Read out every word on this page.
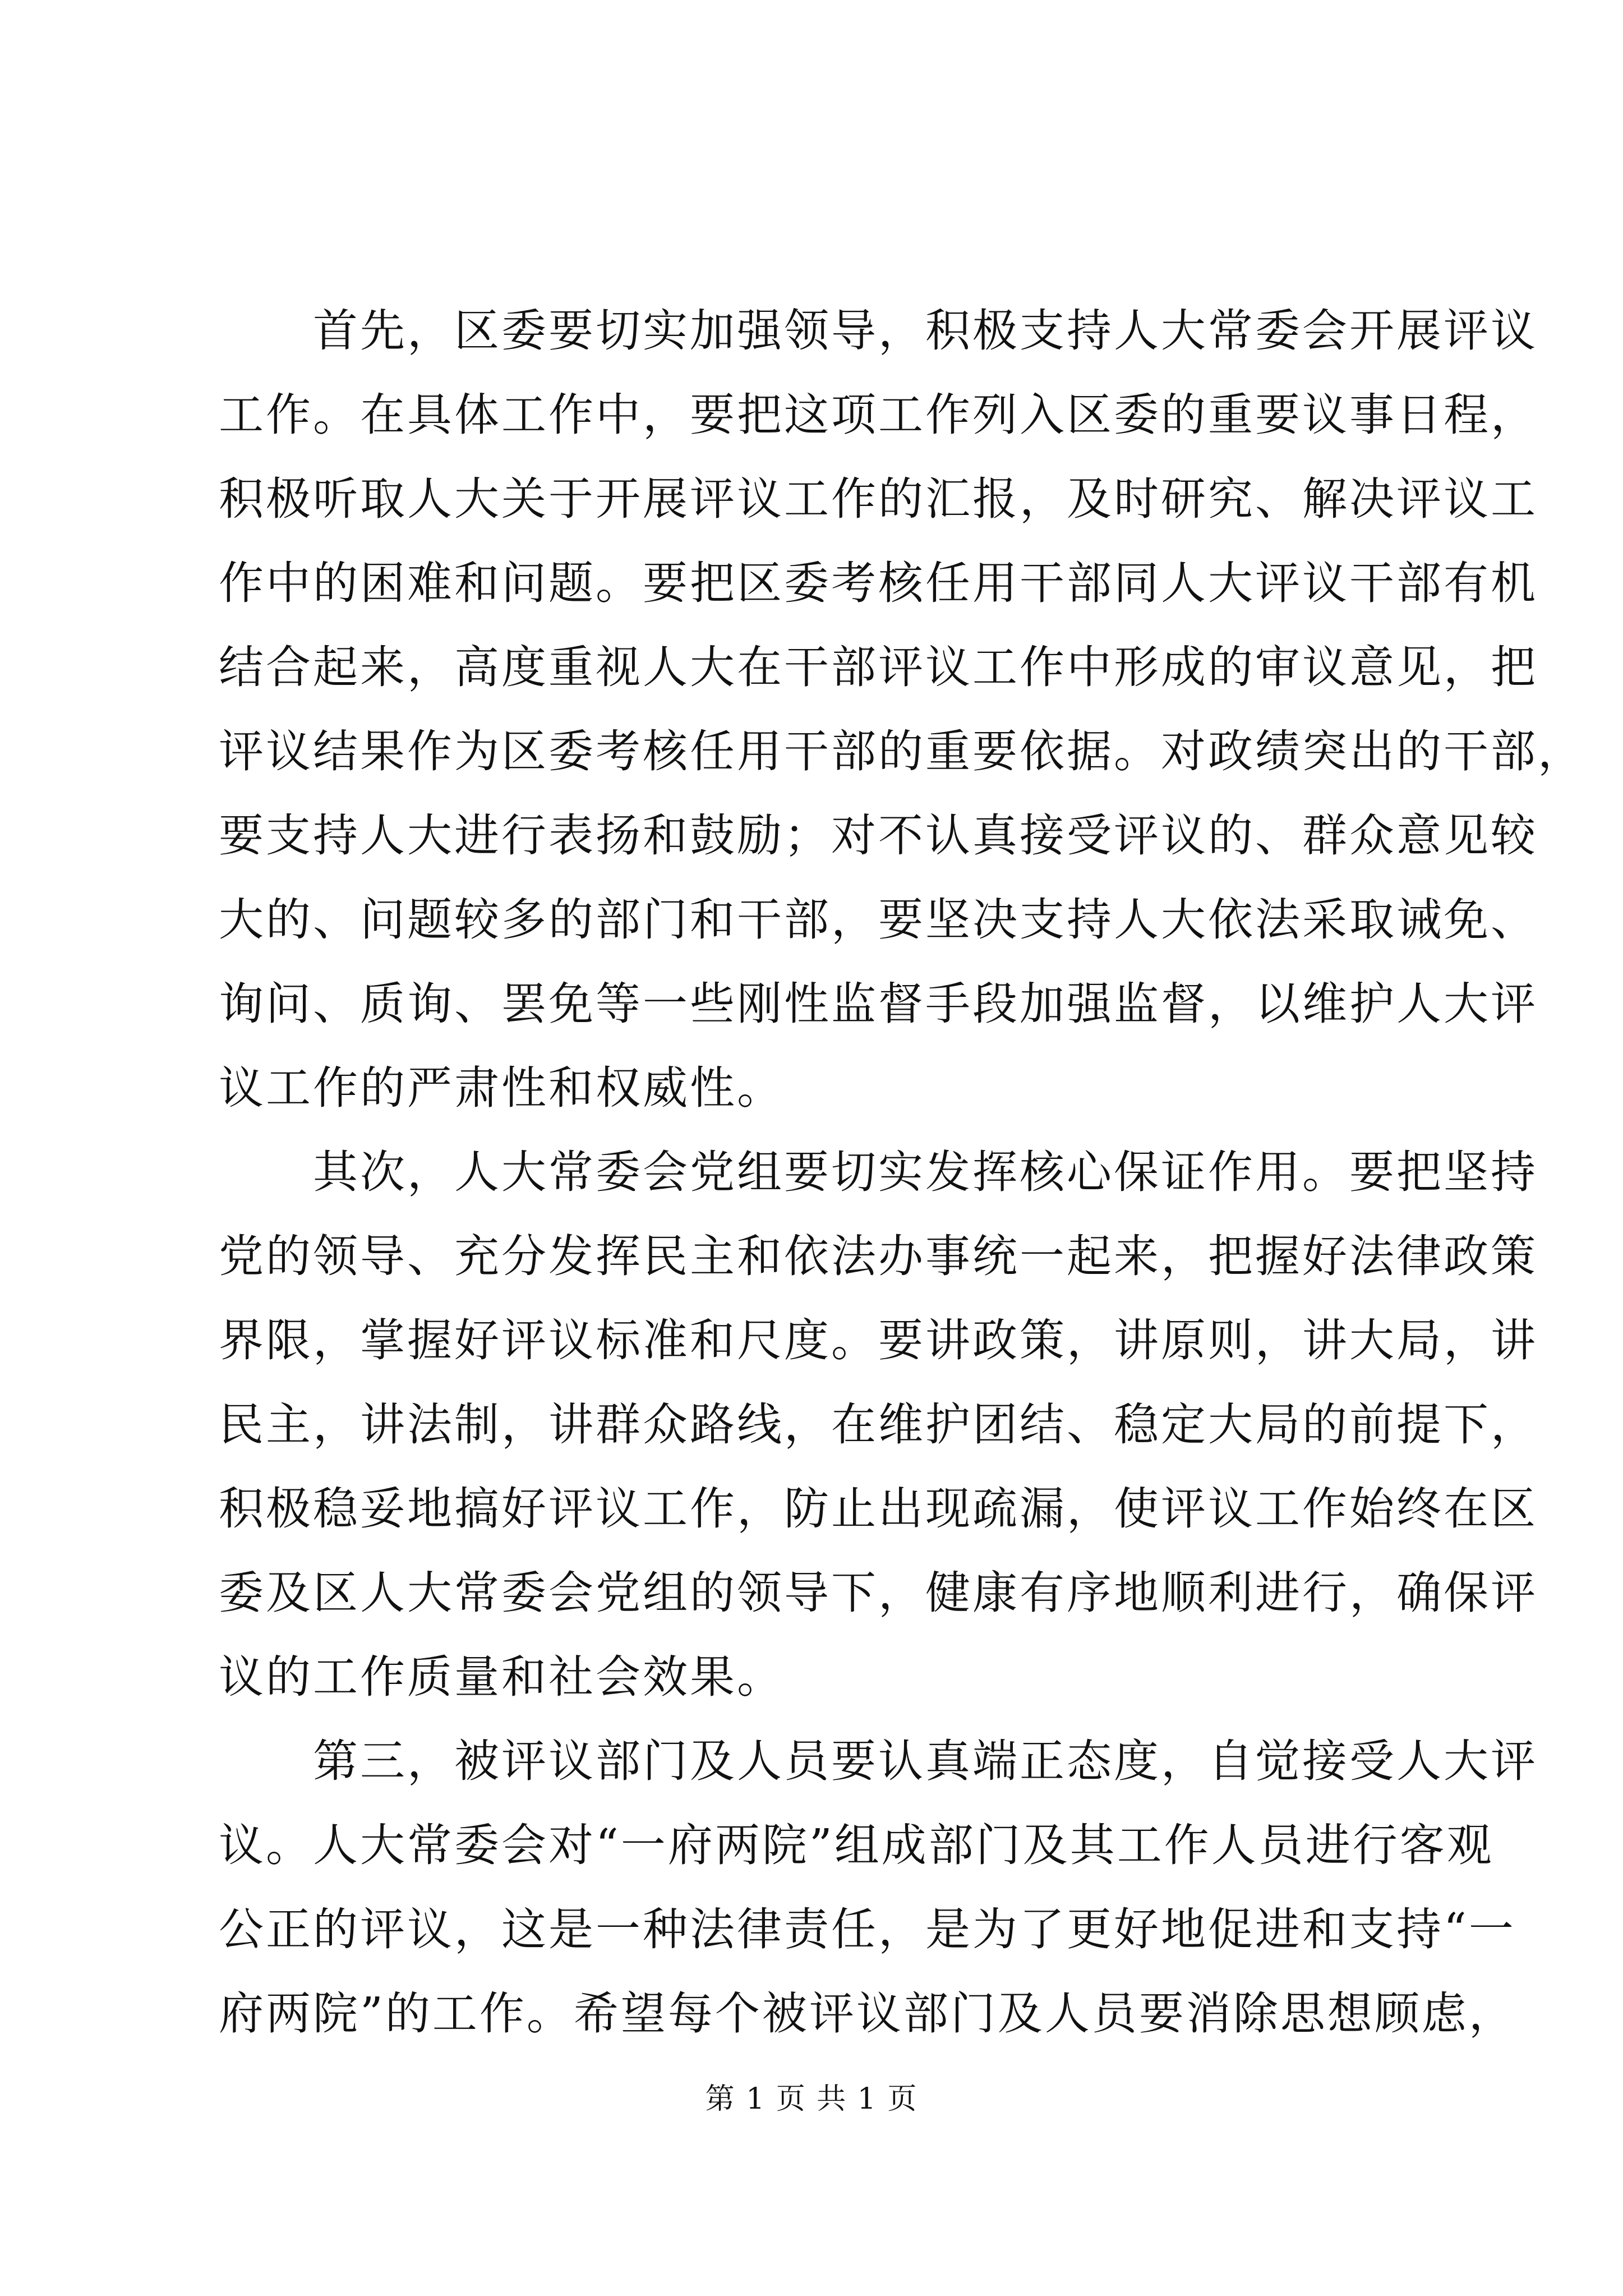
　　首先，区委要切实加强领导，积极支持人大常委会开展评议
工作。在具体工作中，要把这项工作列入区委的重要议事日程，
积极听取人大关于开展评议工作的汇报，及时研究、解决评议工
作中的困难和问题。要把区委考核任用干部同人大评议干部有机
结合起来，高度重视人大在干部评议工作中形成的审议意见，把
评议结果作为区委考核任用干部的重要依据。对政绩突出的干部，
要支持人大进行表扬和鼓励；对不认真接受评议的、群众意见较
大的、问题较多的部门和干部，要坚决支持人大依法采取诫免、
询问、质询、罢免等一些刚性监督手段加强监督，以维护人大评
议工作的严肃性和权威性。
　　其次，人大常委会党组要切实发挥核心保证作用。要把坚持
党的领导、充分发挥民主和依法办事统一起来，把握好法律政策
界限，掌握好评议标准和尺度。要讲政策，讲原则，讲大局，讲
民主，讲法制，讲群众路线，在维护团结、稳定大局的前提下，
积极稳妥地搞好评议工作，防止出现疏漏，使评议工作始终在区
委及区人大常委会党组的领导下，健康有序地顺利进行，确保评
议的工作质量和社会效果。
　　第三，被评议部门及人员要认真端正态度，自觉接受人大评
议。人大常委会对“一府两院”组成部门及其工作人员进行客观
公正的评议，这是一种法律责任，是为了更好地促进和支持“一
府两院”的工作。希望每个被评议部门及人员要消除思想顾虑，
第 1 页 共 1 页
